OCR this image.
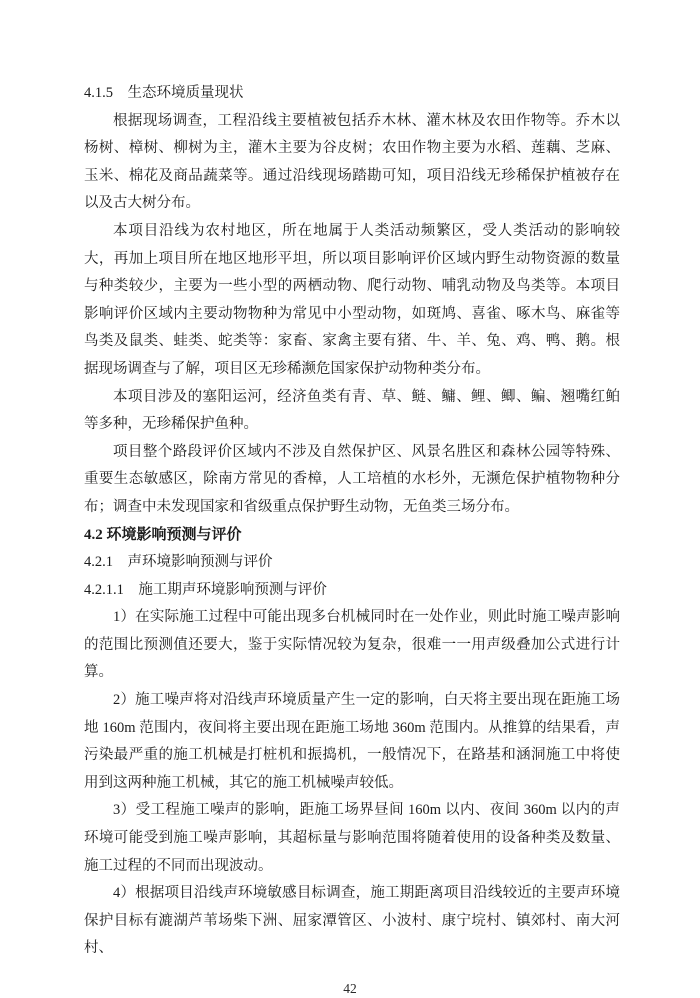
4.1.5　生态环境质量现状

根据现场调查，工程沿线主要植被包括乔木林、灌木林及农田作物等。乔木以杨树、樟树、柳树为主，灌木主要为谷皮树；农田作物主要为水稻、莲藕、芝麻、玉米、棉花及商品蔬菜等。通过沿线现场踏勘可知，项目沿线无珍稀保护植被存在以及古大树分布。

本项目沿线为农村地区，所在地属于人类活动频繁区，受人类活动的影响较大，再加上项目所在地区地形平坦，所以项目影响评价区域内野生动物资源的数量与种类较少，主要为一些小型的两栖动物、爬行动物、哺乳动物及鸟类等。本项目影响评价区域内主要动物物种为常见中小型动物，如斑鸠、喜雀、啄木鸟、麻雀等鸟类及鼠类、蛙类、蛇类等：家畜、家禽主要有猪、牛、羊、兔、鸡、鸭、鹅。根据现场调查与了解，项目区无珍稀濒危国家保护动物种类分布。

本项目涉及的塞阳运河，经济鱼类有青、草、鲢、鳙、鲤、鲫、鳊、翘嘴红鲌等多种，无珍稀保护鱼种。

项目整个路段评价区域内不涉及自然保护区、风景名胜区和森林公园等特殊、重要生态敏感区，除南方常见的香樟，人工培植的水杉外，无濒危保护植物物种分布；调查中未发现国家和省级重点保护野生动物，无鱼类三场分布。

4.2 环境影响预测与评价

4.2.1　声环境影响预测与评价

4.2.1.1　施工期声环境影响预测与评价

1）在实际施工过程中可能出现多台机械同时在一处作业，则此时施工噪声影响的范围比预测值还要大，鉴于实际情况较为复杂，很难一一用声级叠加公式进行计算。

2）施工噪声将对沿线声环境质量产生一定的影响，白天将主要出现在距施工场地 160m 范围内，夜间将主要出现在距施工场地 360m 范围内。从推算的结果看，声污染最严重的施工机械是打桩机和振捣机，一般情况下，在路基和涵洞施工中将使用到这两种施工机械，其它的施工机械噪声较低。

3）受工程施工噪声的影响，距施工场界昼间 160m 以内、夜间 360m 以内的声环境可能受到施工噪声影响，其超标量与影响范围将随着使用的设备种类及数量、施工过程的不同而出现波动。

4）根据项目沿线声环境敏感目标调查，施工期距离项目沿线较近的主要声环境保护目标有漉湖芦苇场柴下洲、屈家潭管区、小波村、康宁垸村、镇郊村、南大河村、

42
